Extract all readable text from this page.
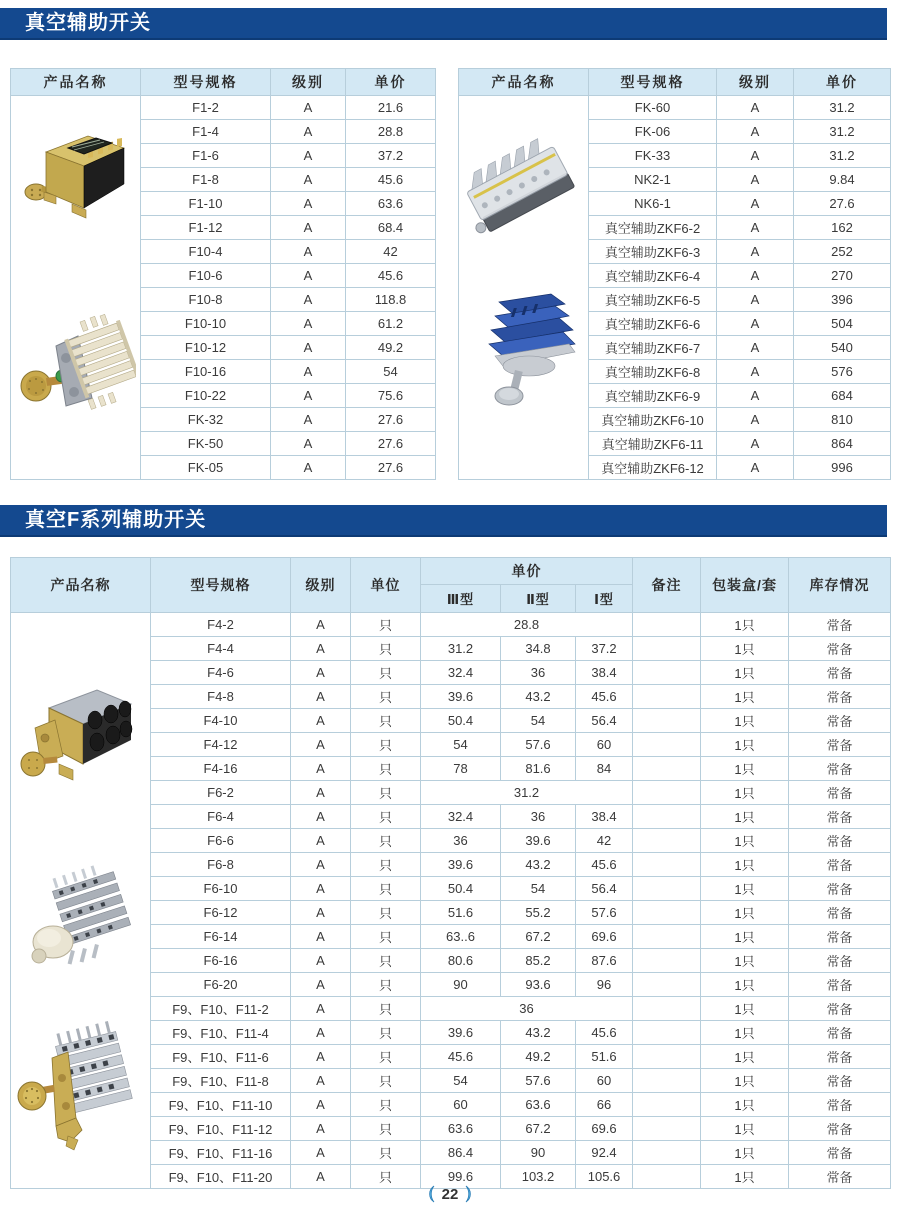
真空辅助开关
产品名称	型号规格	级别	单价

	F1-2	A	21.6
	F1-4	A	28.8
	F1-6	A	37.2
	F1-8	A	45.6
	F1-10	A	63.6
	F1-12	A	68.4
	F10-4	A	42
	F10-6	A	45.6
	F10-8	A	118.8
	F10-10	A	61.2
	F10-12	A	49.2
	F10-16	A	54
	F10-22	A	75.6
	FK-32	A	27.6
	FK-50	A	27.6
	FK-05	A	27.6
产品名称	型号规格	级别	单价

	FK-60	A	31.2
	FK-06	A	31.2
	FK-33	A	31.2
	NK2-1	A	9.84
	NK6-1	A	27.6
	真空辅助ZKF6-2	A	162
	真空辅助ZKF6-3	A	252
	真空辅助ZKF6-4	A	270
	真空辅助ZKF6-5	A	396
	真空辅助ZKF6-6	A	504
	真空辅助ZKF6-7	A	540
	真空辅助ZKF6-8	A	576
	真空辅助ZKF6-9	A	684
	真空辅助ZKF6-10	A	810
	真空辅助ZKF6-11	A	864
	真空辅助ZKF6-12	A	996
真空F系列辅助开关
产品名称	型号规格	级别	单位	单价			备注	包装盒/套	库存情况
				Ⅲ型	Ⅱ型	Ⅰ型			

	F4-2	A	只	28.8				1只	常备
	F4-4	A	只	31.2	34.8	37.2		1只	常备
	F4-6	A	只	32.4	36	38.4		1只	常备
	F4-8	A	只	39.6	43.2	45.6		1只	常备
	F4-10	A	只	50.4	54	56.4		1只	常备
	F4-12	A	只	54	57.6	60		1只	常备
	F4-16	A	只	78	81.6	84		1只	常备
	F6-2	A	只	31.2				1只	常备
	F6-4	A	只	32.4	36	38.4		1只	常备
	F6-6	A	只	36	39.6	42		1只	常备
	F6-8	A	只	39.6	43.2	45.6		1只	常备
	F6-10	A	只	50.4	54	56.4		1只	常备
	F6-12	A	只	51.6	55.2	57.6		1只	常备
	F6-14	A	只	63..6	67.2	69.6		1只	常备
	F6-16	A	只	80.6	85.2	87.6		1只	常备
	F6-20	A	只	90	93.6	96		1只	常备
	F9、F10、F11-2	A	只	36				1只	常备
	F9、F10、F11-4	A	只	39.6	43.2	45.6		1只	常备
	F9、F10、F11-6	A	只	45.6	49.2	51.6		1只	常备
	F9、F10、F11-8	A	只	54	57.6	60		1只	常备
	F9、F10、F11-10	A	只	60	63.6	66		1只	常备
	F9、F10、F11-12	A	只	63.6	67.2	69.6		1只	常备
	F9、F10、F11-16	A	只	86.4	90	92.4		1只	常备
	F9、F10、F11-20	A	只	99.6	103.2	105.6		1只	常备
22
